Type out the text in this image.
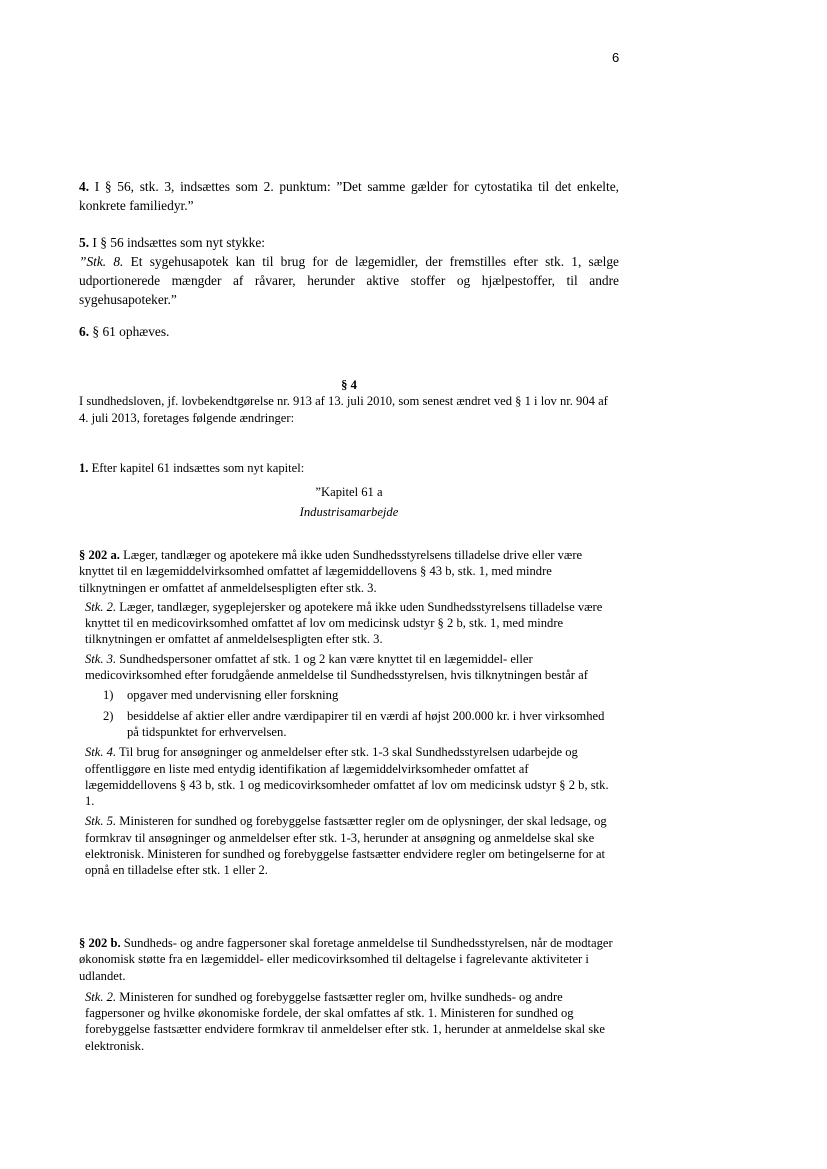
6

4. I § 56, stk. 3, indsættes som 2. punktum: ”Det samme gælder for cytostatika til det enkelte, konkrete familiedyr.”

5. I § 56 indsættes som nyt stykke:

”Stk. 8. Et sygehusapotek kan til brug for de lægemidler, der fremstilles efter stk. 1, sælge udportionerede mængder af råvarer, herunder aktive stoffer og hjælpestoffer, til andre sygehusapoteker.”

6. § 61 ophæves.

§ 4

I sundhedsloven, jf. lovbekendtgørelse nr. 913 af 13. juli 2010, som senest ændret ved § 1 i lov nr. 904 af 4. juli 2013, foretages følgende ændringer:

1. Efter kapitel 61 indsættes som nyt kapitel:

”Kapitel 61 a

Industrisamarbejde

§ 202 a. Læger, tandlæger og apotekere må ikke uden Sundhedsstyrelsens tilladelse drive eller være knyttet til en lægemiddelvirksomhed omfattet af lægemiddellovens § 43 b, stk. 1, med mindre tilknytningen er omfattet af anmeldelsespligten efter stk. 3.

Stk. 2. Læger, tandlæger, sygeplejersker og apotekere må ikke uden Sundhedsstyrelsens tilladelse være knyttet til en medicovirksomhed omfattet af lov om medicinsk udstyr § 2 b, stk. 1, med mindre tilknytningen er omfattet af anmeldelsespligten efter stk. 3.

Stk. 3. Sundhedspersoner omfattet af stk. 1 og 2 kan være knyttet til en lægemiddel- eller medicovirksomhed efter forudgående anmeldelse til Sundhedsstyrelsen, hvis tilknytningen består af

1) opgaver med undervisning eller forskning
2) besiddelse af aktier eller andre værdipapirer til en værdi af højst 200.000 kr. i hver virksomhed på tidspunktet for erhvervelsen.

Stk. 4. Til brug for ansøgninger og anmeldelser efter stk. 1-3 skal Sundhedsstyrelsen udarbejde og offentliggøre en liste med entydig identifikation af lægemiddelvirksomheder omfattet af lægemiddellovens § 43 b, stk. 1 og medicovirksomheder omfattet af lov om medicinsk udstyr § 2 b, stk. 1.

Stk. 5. Ministeren for sundhed og forebyggelse fastsætter regler om de oplysninger, der skal ledsage, og formkrav til ansøgninger og anmeldelser efter stk. 1-3, herunder at ansøgning og anmeldelse skal ske elektronisk. Ministeren for sundhed og forebyggelse fastsætter endvidere regler om betingelserne for at opnå en tilladelse efter stk. 1 eller 2.

§ 202 b. Sundheds- og andre fagpersoner skal foretage anmeldelse til Sundhedsstyrelsen, når de modtager økonomisk støtte fra en lægemiddel- eller medicovirksomhed til deltagelse i fagrelevante aktiviteter i udlandet.

Stk. 2. Ministeren for sundhed og forebyggelse fastsætter regler om, hvilke sundheds- og andre fagpersoner og hvilke økonomiske fordele, der skal omfattes af stk. 1. Ministeren for sundhed og forebyggelse fastsætter endvidere formkrav til anmeldelser efter stk. 1, herunder at anmeldelse skal ske elektronisk.
